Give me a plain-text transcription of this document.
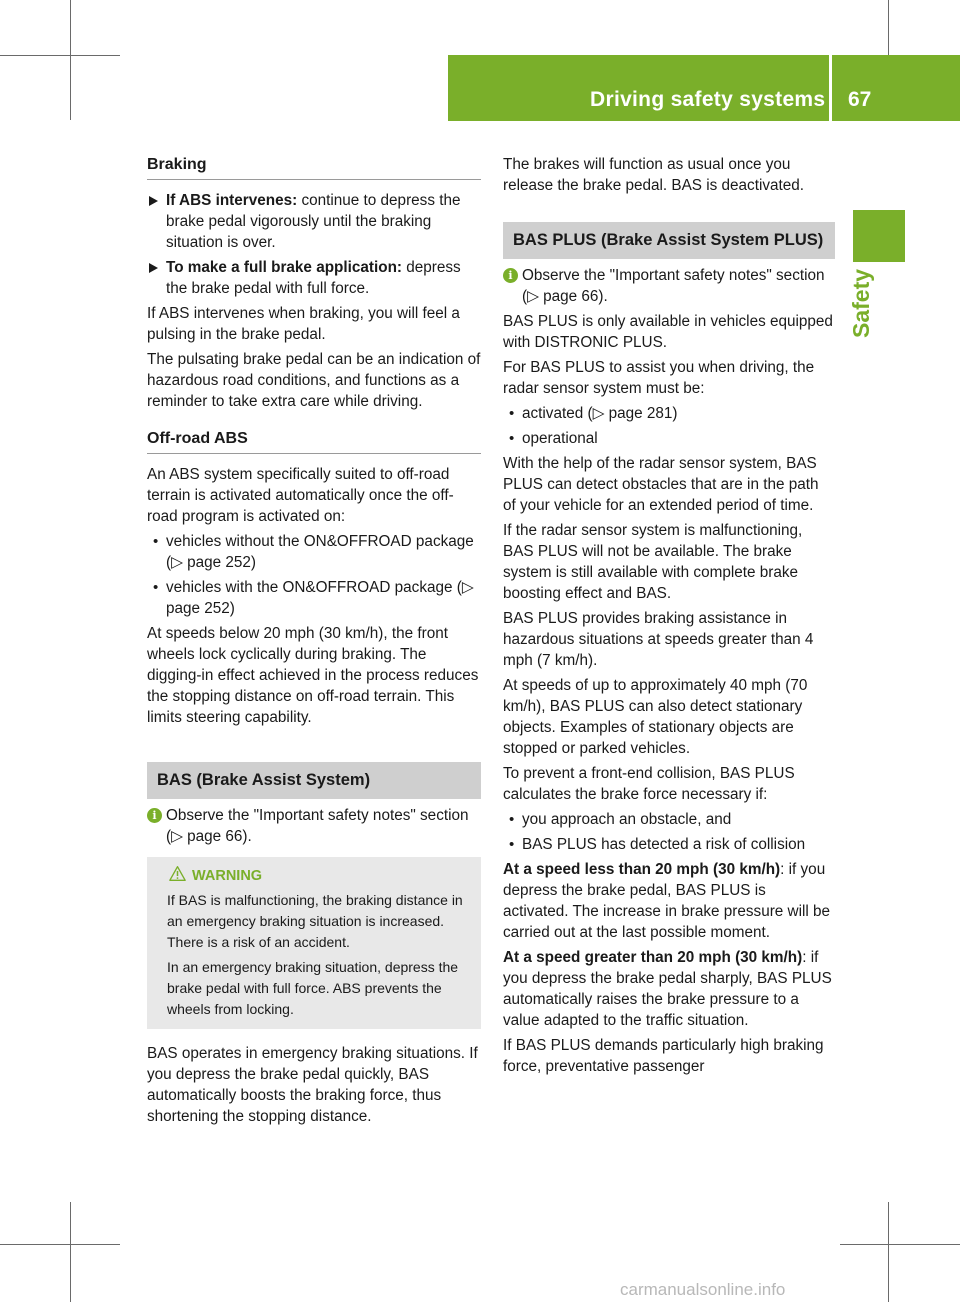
Driving safety systems 67
Safety
Braking
If ABS intervenes: continue to depress the brake pedal vigorously until the braking situation is over.
To make a full brake application: depress the brake pedal with full force.

If ABS intervenes when braking, you will feel a pulsing in the brake pedal.

The pulsating brake pedal can be an indication of hazardous road conditions, and functions as a reminder to take extra care while driving.

Off-road ABS

An ABS system specifically suited to off-road terrain is activated automatically once the off-road program is activated on:

• vehicles without the ON&OFFROAD package (▷ page 252)
• vehicles with the ON&OFFROAD package (▷ page 252)

At speeds below 20 mph (30 km/h), the front wheels lock cyclically during braking. The digging-in effect achieved in the process reduces the stopping distance on off-road terrain. This limits steering capability.

BAS (Brake Assist System)
i Observe the "Important safety notes" section (▷ page 66).
WARNING

If BAS is malfunctioning, the braking distance in an emergency braking situation is increased. There is a risk of an accident.

In an emergency braking situation, depress the brake pedal with full force. ABS prevents the wheels from locking.

BAS operates in emergency braking situations. If you depress the brake pedal quickly, BAS automatically boosts the braking force, thus shortening the stopping distance.

The brakes will function as usual once you release the brake pedal. BAS is deactivated.

BAS PLUS (Brake Assist System PLUS)
i Observe the "Important safety notes" section (▷ page 66).

BAS PLUS is only available in vehicles equipped with DISTRONIC PLUS.

For BAS PLUS to assist you when driving, the radar sensor system must be:

• activated (▷ page 281)
• operational

With the help of the radar sensor system, BAS PLUS can detect obstacles that are in the path of your vehicle for an extended period of time.

If the radar sensor system is malfunctioning, BAS PLUS will not be available. The brake system is still available with complete brake boosting effect and BAS.

BAS PLUS provides braking assistance in hazardous situations at speeds greater than 4 mph (7 km/h).

At speeds of up to approximately 40 mph (70 km/h), BAS PLUS can also detect stationary objects. Examples of stationary objects are stopped or parked vehicles.

To prevent a front-end collision, BAS PLUS calculates the brake force necessary if:

• you approach an obstacle, and
• BAS PLUS has detected a risk of collision

At a speed less than 20 mph (30 km/h): if you depress the brake pedal, BAS PLUS is activated. The increase in brake pressure will be carried out at the last possible moment.

At a speed greater than 20 mph (30 km/h): if you depress the brake pedal sharply, BAS PLUS automatically raises the brake pressure to a value adapted to the traffic situation.

If BAS PLUS demands particularly high braking force, preventative passenger

carmanualsonline.info
